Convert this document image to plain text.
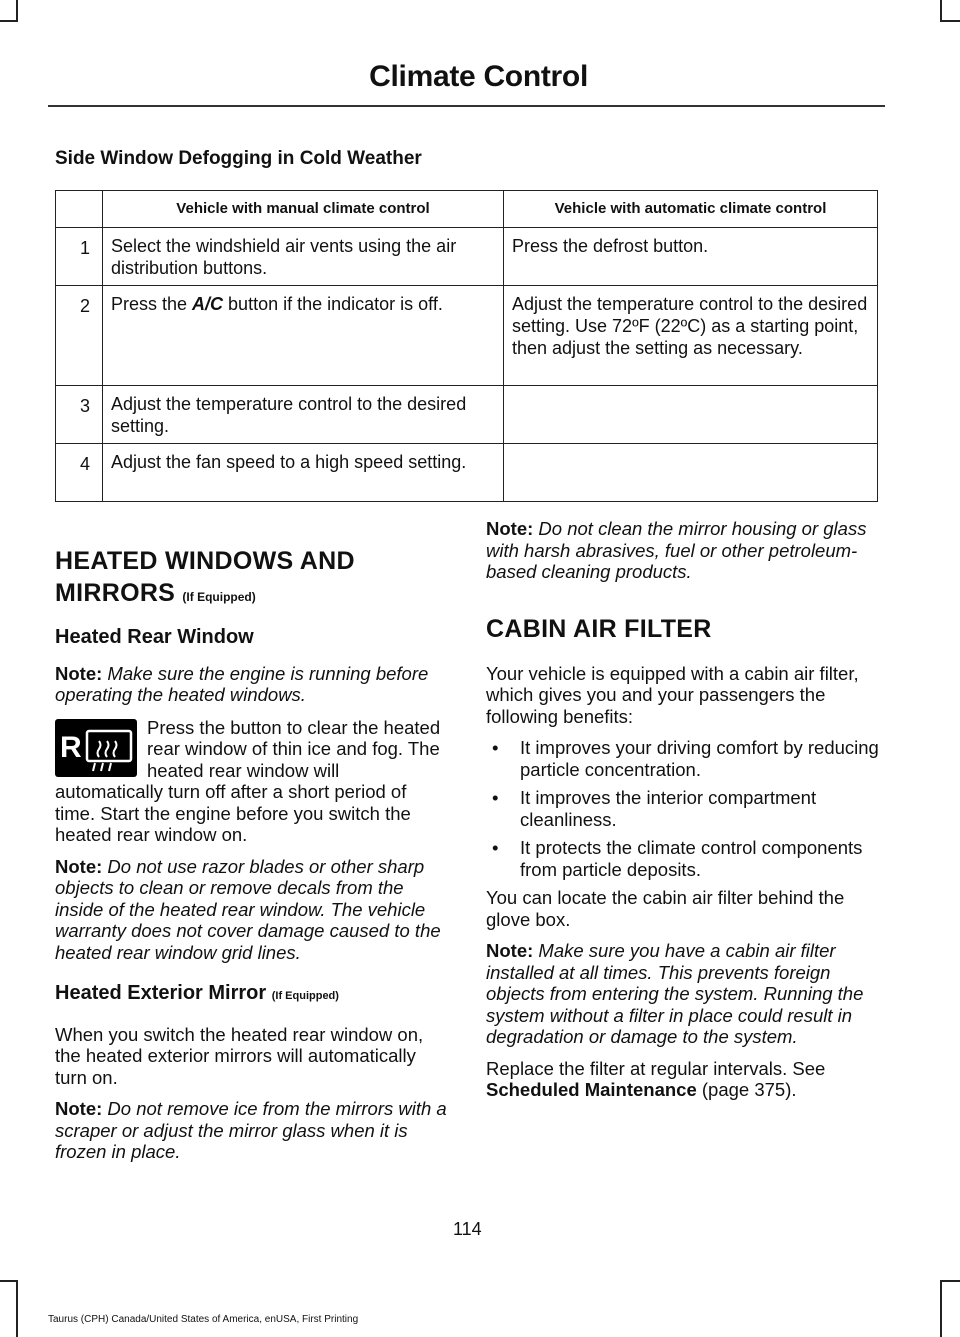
Climate Control
Side Window Defogging in Cold Weather
	Vehicle with manual climate control	Vehicle with automatic climate control
1	Select the windshield air vents using the air distribution buttons.	Press the defrost button.
2	Press the A/C button if the indicator is off.	Adjust the temperature control to the desired setting. Use 72ºF (22ºC) as a starting point, then adjust the setting as necessary.
3	Adjust the temperature control to the desired setting.	
4	Adjust the fan speed to a high speed setting.	
HEATED WINDOWS AND
MIRRORS (If Equipped)
Heated Rear Window

Note: Make sure the engine is running before operating the heated windows.

R

Press the button to clear the heated rear window of thin ice and fog. The heated rear window will automatically turn off after a short period of time. Start the engine before you switch the heated rear window on.

Note: Do not use razor blades or other sharp objects to clean or remove decals from the inside of the heated rear window. The vehicle warranty does not cover damage caused to the heated rear window grid lines.

Heated Exterior Mirror (If Equipped)

When you switch the heated rear window on, the heated exterior mirrors will automatically turn on.

Note: Do not remove ice from the mirrors with a scraper or adjust the mirror glass when it is frozen in place.

Note: Do not clean the mirror housing or glass with harsh abrasives, fuel or other petroleum-based cleaning products.

CABIN AIR FILTER

Your vehicle is equipped with a cabin air filter, which gives you and your passengers the following benefits:

• It improves your driving comfort by reducing particle concentration.
• It improves the interior compartment cleanliness.
• It protects the climate control components from particle deposits.

You can locate the cabin air filter behind the glove box.

Note: Make sure you have a cabin air filter installed at all times. This prevents foreign objects from entering the system. Running the system without a filter in place could result in degradation or damage to the system.

Replace the filter at regular intervals. See Scheduled Maintenance (page 375).

114
Taurus (CPH) Canada/United States of America, enUSA, First Printing
